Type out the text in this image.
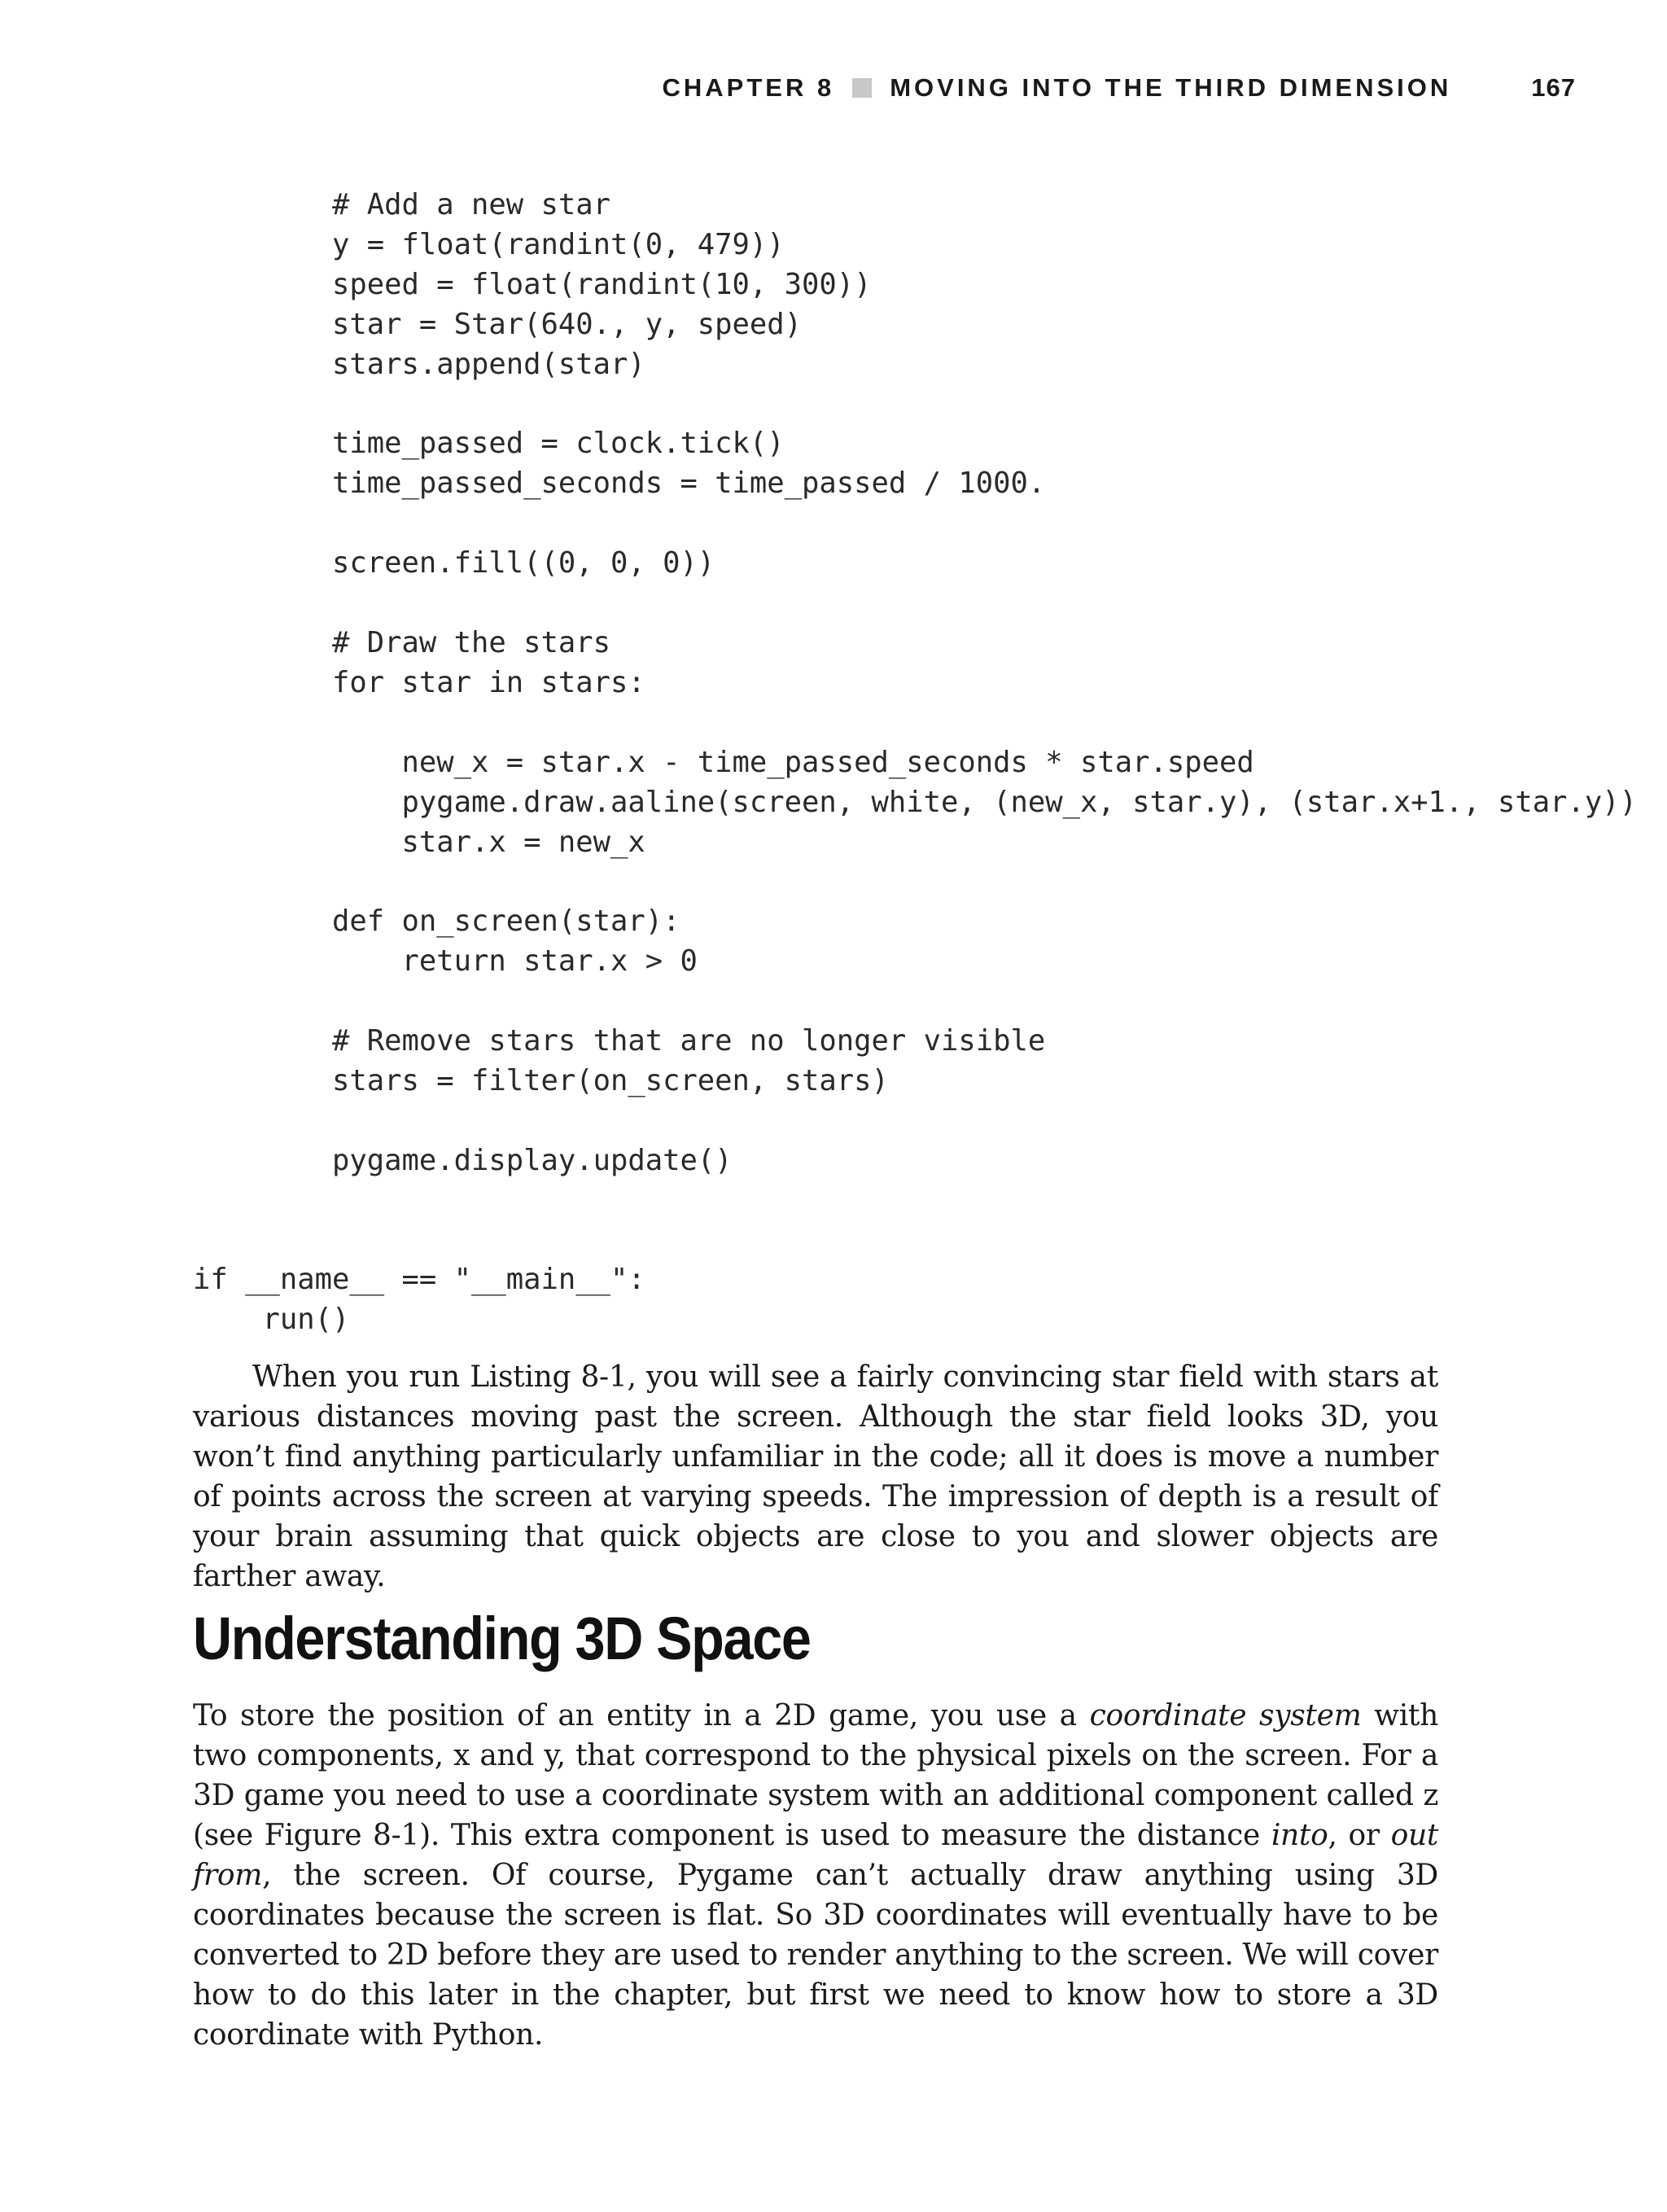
CHAPTER 8 MOVING INTO THE THIRD DIMENSION	167
# Add a new star
y = float(randint(0, 479))
speed = float(randint(10, 300))
star = Star(640., y, speed)
stars.append(star)

time_passed = clock.tick()
time_passed_seconds = time_passed / 1000.

screen.fill((0, 0, 0))

# Draw the stars
for star in stars:

new_x = star.x - time_passed_seconds * star.speed
pygame.draw.aaline(screen, white, (new_x, star.y), (star.x+1., star.y))
star.x = new_x

def on_screen(star):
return star.x > 0

# Remove stars that are no longer visible
stars = filter(on_screen, stars)

pygame.display.update()

if __name__ == "__main__":
run()

When you run Listing 8-1, you will see a fairly convincing star field with stars at various distances moving past the screen. Although the star field looks 3D, you won’t find anything particularly unfamiliar in the code; all it does is move a number of points across the screen at varying speeds. The impression of depth is a result of your brain assuming that quick objects are close to you and slower objects are farther away.

Understanding 3D Space

To store the position of an entity in a 2D game, you use a coordinate system with two components, x and y, that correspond to the physical pixels on the screen. For a 3D game you need to use a coordinate system with an additional component called z (see Figure 8-1). This extra component is used to measure the distance into, or out from, the screen. Of course, Pygame can’t actually draw anything using 3D coordinates because the screen is flat. So 3D coordinates will eventually have to be converted to 2D before they are used to render anything to the screen. We will cover how to do this later in the chapter, but first we need to know how to store a 3D coordinate with Python.
